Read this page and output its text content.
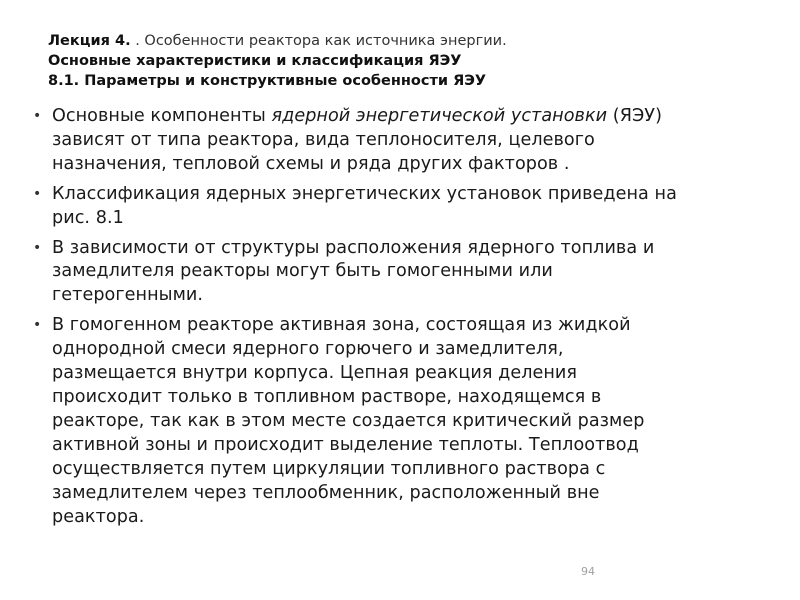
Лекция 4. . Особенности реактора как источника энергии.
Основные характеристики и классификация ЯЭУ
8.1. Параметры и конструктивные особенности ЯЭУ
• Основные компоненты ядерной энергетической установки (ЯЭУ)
зависят от типа реактора, вида теплоносителя, целевого
назначения, тепловой схемы и ряда других факторов .
• Классификация ядерных энергетических установок приведена на
рис. 8.1
• В зависимости от структуры расположения ядерного топлива и
замедлителя реакторы могут быть гомогенными или
гетерогенными.
• В гомогенном реакторе активная зона, состоящая из жидкой
однородной смеси ядерного горючего и замедлителя,
размещается внутри корпуса. Цепная реакция деления
происходит только в топливном растворе, находящемся в
реакторе, так как в этом месте создается критический размер
активной зоны и происходит выделение теплоты. Теплоотвод
осуществляется путем циркуляции топливного раствора с
замедлителем через теплообменник, расположенный вне
реактора.
94
